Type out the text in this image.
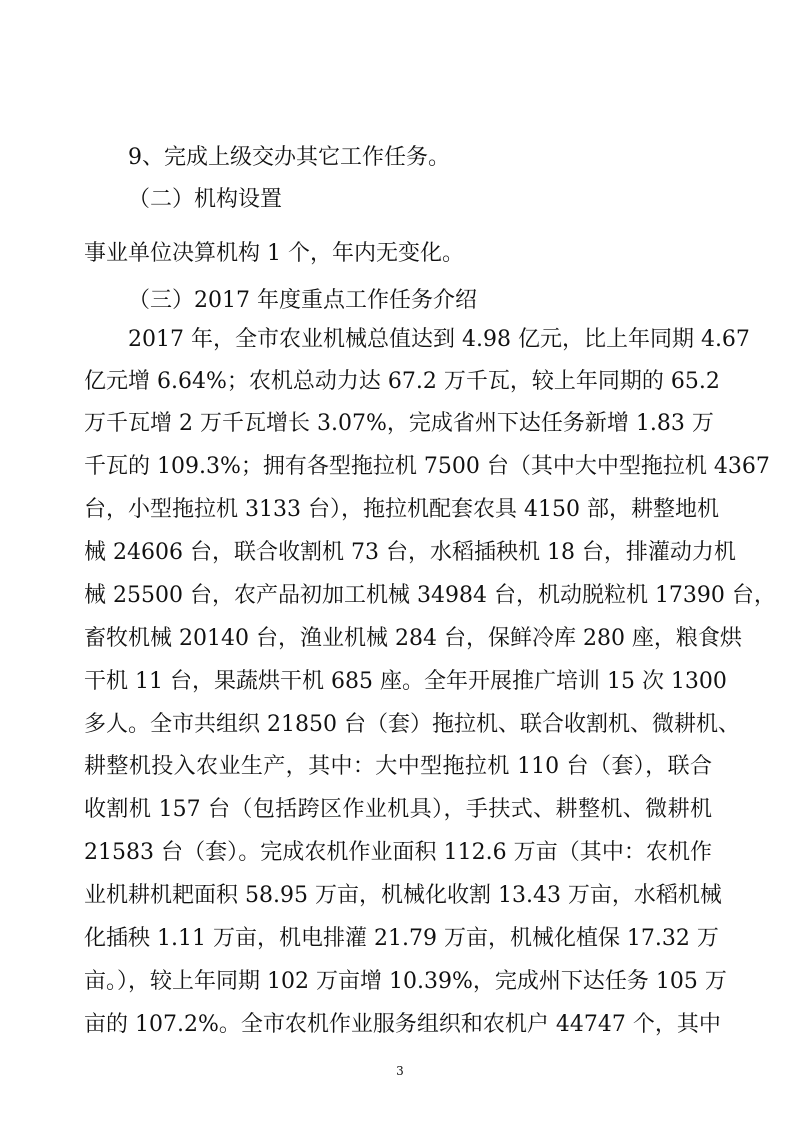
9、完成上级交办其它工作任务。
（二）机构设置
事业单位决算机构 1 个，年内无变化。
（三）2017 年度重点工作任务介绍
2017 年，全市农业机械总值达到 4.98 亿元，比上年同期 4.67
亿元增 6.64%；农机总动力达 67.2 万千瓦，较上年同期的 65.2
万千瓦增 2 万千瓦增长 3.07%，完成省州下达任务新增 1.83 万
千瓦的 109.3%；拥有各型拖拉机 7500 台（其中大中型拖拉机 4367
台，小型拖拉机 3133 台），拖拉机配套农具 4150 部，耕整地机
械 24606 台，联合收割机 73 台，水稻插秧机 18 台，排灌动力机
械 25500 台，农产品初加工机械 34984 台，机动脱粒机 17390 台，
畜牧机械 20140 台，渔业机械 284 台，保鲜冷库 280 座，粮食烘
干机 11 台，果蔬烘干机 685 座。全年开展推广培训 15 次 1300
多人。全市共组织 21850 台（套）拖拉机、联合收割机、微耕机、
耕整机投入农业生产，其中：大中型拖拉机 110 台（套），联合
收割机 157 台（包括跨区作业机具），手扶式、耕整机、微耕机
21583 台（套）。完成农机作业面积 112.6 万亩（其中：农机作
业机耕机耙面积 58.95 万亩，机械化收割 13.43 万亩，水稻机械
化插秧 1.11 万亩，机电排灌 21.79 万亩，机械化植保 17.32 万
亩。），较上年同期 102 万亩增 10.39%，完成州下达任务 105 万
亩的 107.2%。全市农机作业服务组织和农机户 44747 个，其中
3
